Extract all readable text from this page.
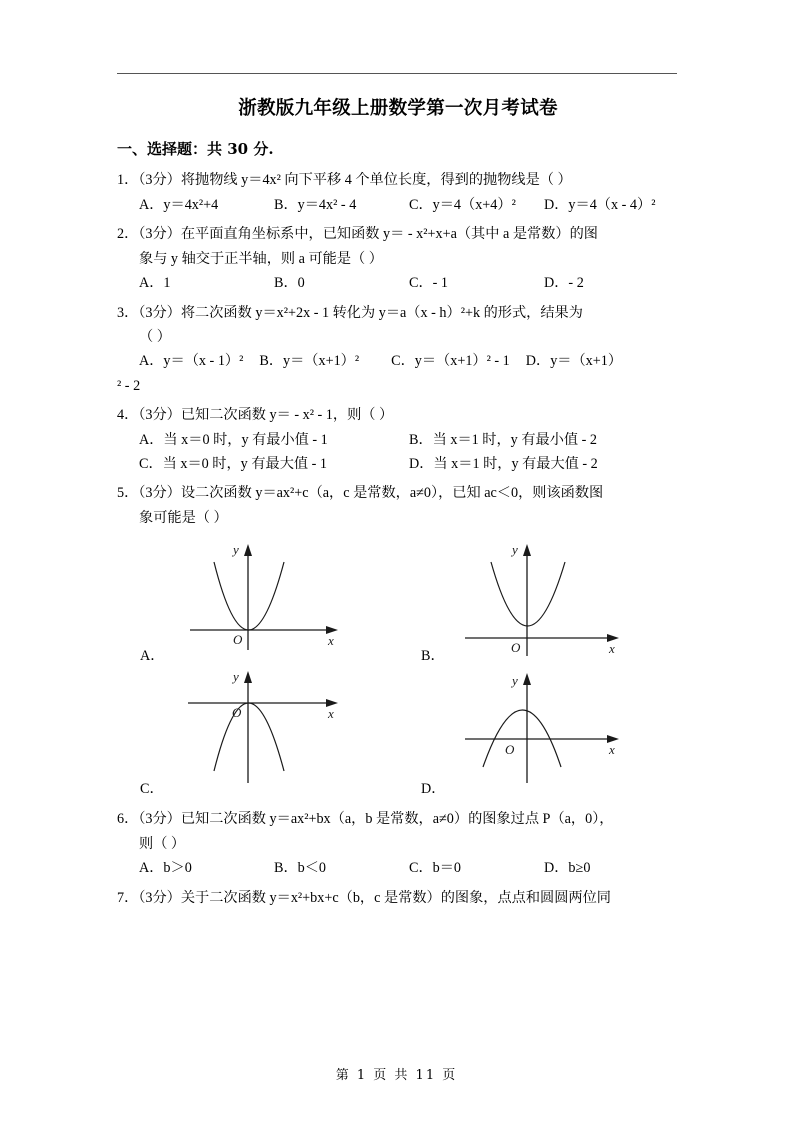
浙教版九年级上册数学第一次月考试卷
一、选择题：共 30 分.
1．（3分）将抛物线 y＝4x² 向下平移 4 个单位长度，得到的抛物线是（ ）
A．y＝4x²+4	B．y＝4x² - 4	C．y＝4（x+4）²	D．y＝4（x - 4）²
2．（3分）在平面直角坐标系中，已知函数 y＝ - x²+x+a（其中 a 是常数）的图
象与 y 轴交于正半轴，则 a 可能是（ ）
A．1	B．0	C．- 1	D．- 2
3．（3分）将二次函数 y＝x²+2x - 1 转化为 y＝a（x - h）²+k 的形式，结果为
（ ）
A．y＝（x - 1）² B．y＝（x+1）² C．y＝（x+1）² - 1 D．y＝（x+1）
² - 2
4．（3分）已知二次函数 y＝ - x² - 1，则（ ）
A．当 x＝0 时，y 有最小值 - 1	B．当 x＝1 时，y 有最小值 - 2
C．当 x＝0 时，y 有最大值 - 1	D．当 x＝1 时，y 有最大值 - 2
5．（3分）设二次函数 y＝ax²+c（a，c 是常数，a≠0），已知 ac＜0，则该函数图
象可能是（ ）
y
x
O
A．
y
x
O
B．
y
x
O
C．
y
x
O
D．
6．（3分）已知二次函数 y＝ax²+bx（a，b 是常数，a≠0）的图象过点 P（a，0），
则（ ）
A．b＞0	B．b＜0	C．b＝0	D．b≥0
7．（3分）关于二次函数 y＝x²+bx+c（b，c 是常数）的图象，点点和圆圆两位同
第 1 页 共 11 页
